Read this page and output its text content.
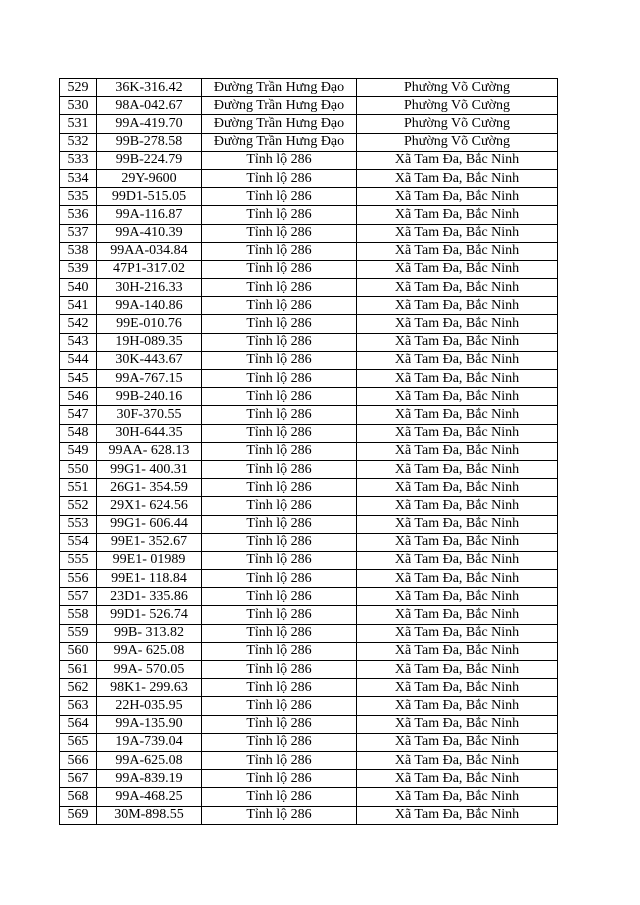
529	36K-316.42	Đường Trần Hưng Đạo	Phường Võ Cường
530	98A-042.67	Đường Trần Hưng Đạo	Phường Võ Cường
531	99A-419.70	Đường Trần Hưng Đạo	Phường Võ Cường
532	99B-278.58	Đường Trần Hưng Đạo	Phường Võ Cường
533	99B-224.79	Tỉnh lộ 286	Xã Tam Đa, Bắc Ninh
534	29Y-9600	Tỉnh lộ 286	Xã Tam Đa, Bắc Ninh
535	99D1-515.05	Tỉnh lộ 286	Xã Tam Đa, Bắc Ninh
536	99A-116.87	Tỉnh lộ 286	Xã Tam Đa, Bắc Ninh
537	99A-410.39	Tỉnh lộ 286	Xã Tam Đa, Bắc Ninh
538	99AA-034.84	Tỉnh lộ 286	Xã Tam Đa, Bắc Ninh
539	47P1-317.02	Tỉnh lộ 286	Xã Tam Đa, Bắc Ninh
540	30H-216.33	Tỉnh lộ 286	Xã Tam Đa, Bắc Ninh
541	99A-140.86	Tỉnh lộ 286	Xã Tam Đa, Bắc Ninh
542	99E-010.76	Tỉnh lộ 286	Xã Tam Đa, Bắc Ninh
543	19H-089.35	Tỉnh lộ 286	Xã Tam Đa, Bắc Ninh
544	30K-443.67	Tỉnh lộ 286	Xã Tam Đa, Bắc Ninh
545	99A-767.15	Tỉnh lộ 286	Xã Tam Đa, Bắc Ninh
546	99B-240.16	Tỉnh lộ 286	Xã Tam Đa, Bắc Ninh
547	30F-370.55	Tỉnh lộ 286	Xã Tam Đa, Bắc Ninh
548	30H-644.35	Tỉnh lộ 286	Xã Tam Đa, Bắc Ninh
549	99AA- 628.13	Tỉnh lộ 286	Xã Tam Đa, Bắc Ninh
550	99G1- 400.31	Tỉnh lộ 286	Xã Tam Đa, Bắc Ninh
551	26G1- 354.59	Tỉnh lộ 286	Xã Tam Đa, Bắc Ninh
552	29X1- 624.56	Tỉnh lộ 286	Xã Tam Đa, Bắc Ninh
553	99G1- 606.44	Tỉnh lộ 286	Xã Tam Đa, Bắc Ninh
554	99E1- 352.67	Tỉnh lộ 286	Xã Tam Đa, Bắc Ninh
555	99E1- 01989	Tỉnh lộ 286	Xã Tam Đa, Bắc Ninh
556	99E1- 118.84	Tỉnh lộ 286	Xã Tam Đa, Bắc Ninh
557	23D1- 335.86	Tỉnh lộ 286	Xã Tam Đa, Bắc Ninh
558	99D1- 526.74	Tỉnh lộ 286	Xã Tam Đa, Bắc Ninh
559	99B- 313.82	Tỉnh lộ 286	Xã Tam Đa, Bắc Ninh
560	99A- 625.08	Tỉnh lộ 286	Xã Tam Đa, Bắc Ninh
561	99A- 570.05	Tỉnh lộ 286	Xã Tam Đa, Bắc Ninh
562	98K1- 299.63	Tỉnh lộ 286	Xã Tam Đa, Bắc Ninh
563	22H-035.95	Tỉnh lộ 286	Xã Tam Đa, Bắc Ninh
564	99A-135.90	Tỉnh lộ 286	Xã Tam Đa, Bắc Ninh
565	19A-739.04	Tỉnh lộ 286	Xã Tam Đa, Bắc Ninh
566	99A-625.08	Tỉnh lộ 286	Xã Tam Đa, Bắc Ninh
567	99A-839.19	Tỉnh lộ 286	Xã Tam Đa, Bắc Ninh
568	99A-468.25	Tỉnh lộ 286	Xã Tam Đa, Bắc Ninh
569	30M-898.55	Tỉnh lộ 286	Xã Tam Đa, Bắc Ninh
